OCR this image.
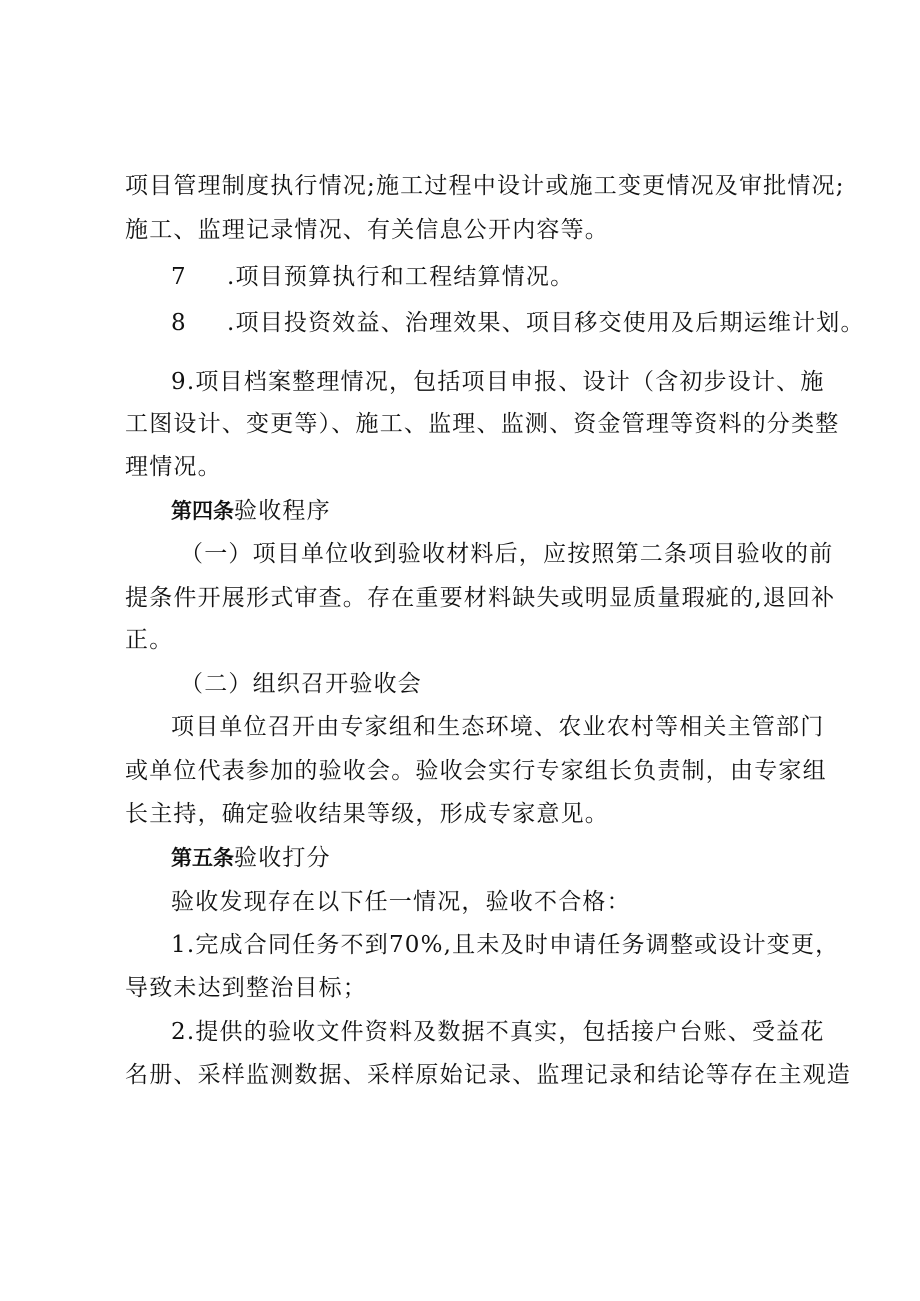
项目管理制度执行情况;施工过程中设计或施工变更情况及审批情况;
施工、监理记录情况、有关信息公开内容等。
7 .项目预算执行和工程结算情况。
8 .项目投资效益、治理效果、项目移交使用及后期运维计划。
9.项目档案整理情况，包括项目申报、设计（含初步设计、施
工图设计、变更等）、施工、监理、监测、资金管理等资料的分类整
理情况。
第四条验收程序
（一）项目单位收到验收材料后，应按照第二条项目验收的前
提条件开展形式审查。存在重要材料缺失或明显质量瑕疵的,退回补
正。
（二）组织召开验收会
项目单位召开由专家组和生态环境、农业农村等相关主管部门
或单位代表参加的验收会。验收会实行专家组长负责制，由专家组
长主持，确定验收结果等级，形成专家意见。
第五条验收打分
验收发现存在以下任一情况，验收不合格：
1.完成合同任务不到70%,且未及时申请任务调整或设计变更，
导致未达到整治目标；
2.提供的验收文件资料及数据不真实，包括接户台账、受益花
名册、采样监测数据、采样原始记录、监理记录和结论等存在主观造
